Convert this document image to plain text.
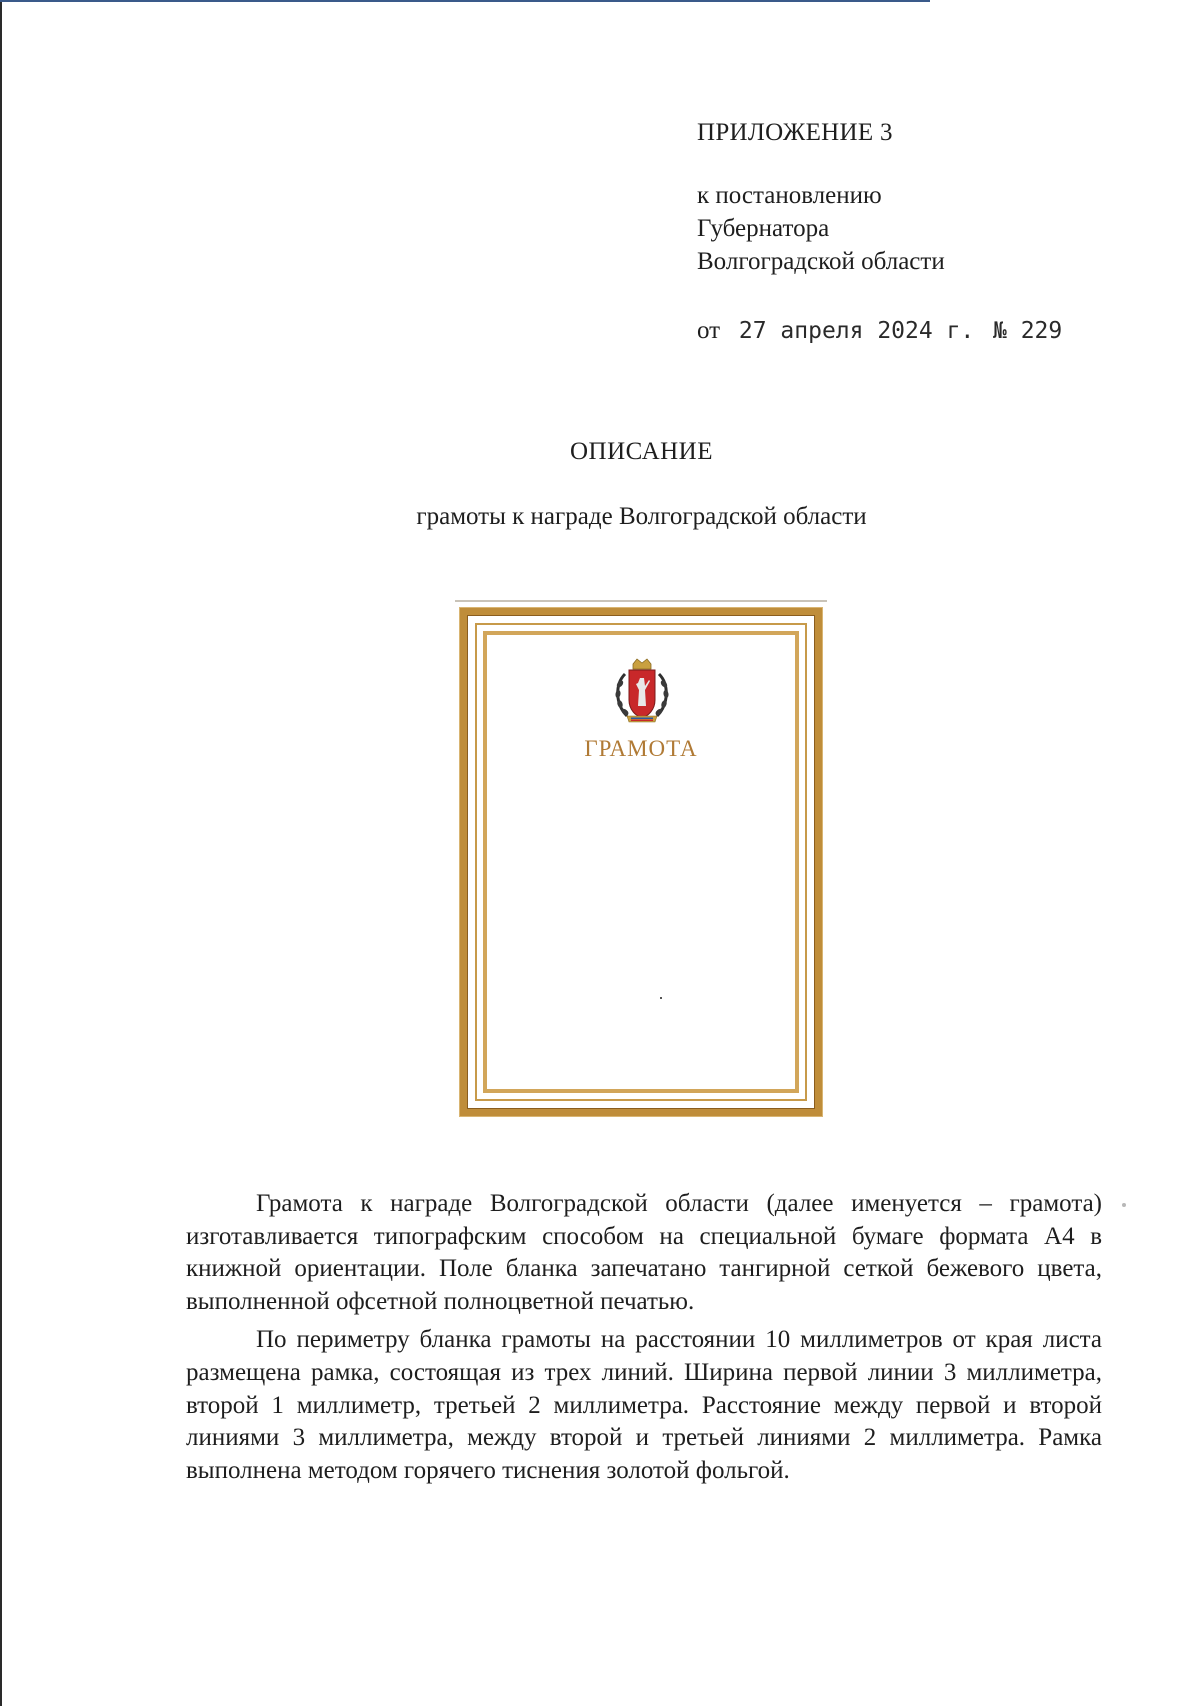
ПРИЛОЖЕНИЕ 3
к постановлению
Губернатора
Волгоградской области
от 27 апреля 2024 г. № 229
ОПИСАНИЕ
грамоты к награде Волгоградской области
ГРАМОТА

Грамота к награде Волгоградской области (далее именуется – грамота) изготавливается типографским способом на специальной бумаге формата А4 в книжной ориентации. Поле бланка запечатано тангирной сеткой бежевого цвета, выполненной офсетной полноцветной печатью.

По периметру бланка грамоты на расстоянии 10 миллиметров от края листа размещена рамка, состоящая из трех линий. Ширина первой линии 3 миллиметра, второй 1 миллиметр, третьей 2 миллиметра. Расстояние между первой и второй линиями 3 миллиметра, между второй и третьей линиями 2 миллиметра. Рамка выполнена методом горячего тиснения золотой фольгой.
